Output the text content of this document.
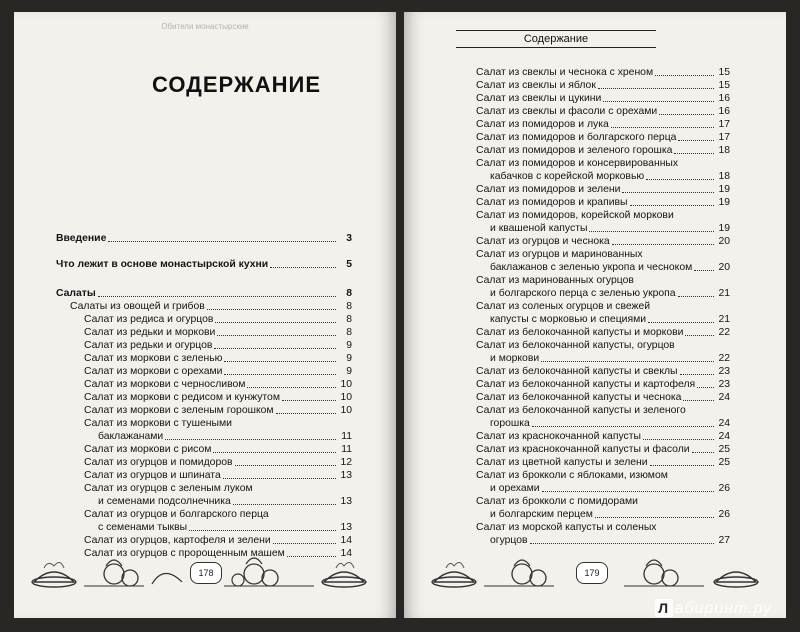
Обители монастырские
СОДЕРЖАНИЕ
Введение	3
Что лежит в основе монастырской кухни	5
Салаты	8
Салаты из овощей и грибов	8
Салат из редиса и огурцов	8
Салат из редьки и моркови	8
Салат из редьки и огурцов	9
Салат из моркови с зеленью	9
Салат из моркови с орехами	9
Салат из моркови с черносливом	10
Салат из моркови с редисом и кунжутом	10
Салат из моркови с зеленым горошком	10
Салат из моркови с тушеными
баклажанами	11
Салат из моркови с рисом	11
Салат из огурцов и помидоров	12
Салат из огурцов и шпината	13
Салат из огурцов с зеленым луком
и семенами подсолнечника	13
Салат из огурцов и болгарского перца
с семенами тыквы	13
Салат из огурцов, картофеля и зелени	14
Салат из огурцов с пророщенным машем	14
178
Содержание
Салат из свеклы и чеснока с хреном	15
Салат из свеклы и яблок	15
Салат из свеклы и цукини	16
Салат из свеклы и фасоли с орехами	16
Салат из помидоров и лука	17
Салат из помидоров и болгарского перца	17
Салат из помидоров и зеленого горошка	18
Салат из помидоров и консервированных
кабачков с корейской морковью	18
Салат из помидоров и зелени	19
Салат из помидоров и крапивы	19
Салат из помидоров, корейской моркови
и квашеной капусты	19
Салат из огурцов и чеснока	20
Салат из огурцов и маринованных
баклажанов с зеленью укропа и чесноком	20
Салат из маринованных огурцов
и болгарского перца с зеленью укропа	21
Салат из соленых огурцов и свежей
капусты с морковью и специями	21
Салат из белокочанной капусты и моркови	22
Салат из белокочанной капусты, огурцов
и моркови	22
Салат из белокочанной капусты и свеклы	23
Салат из белокочанной капусты и картофеля 23
Салат из белокочанной капусты и чеснока	24
Салат из белокочанной капусты и зеленого
горошка	24
Салат из краснокочанной капусты	24
Салат из краснокочанной капусты и фасоли	25
Салат из цветной капусты и зелени	25
Салат из брокколи с яблоками, изюмом
и орехами	26
Салат из брокколи с помидорами
и болгарским перцем	26
Салат из морской капусты и соленых
огурцов	27
179
Л абиринт.ру
